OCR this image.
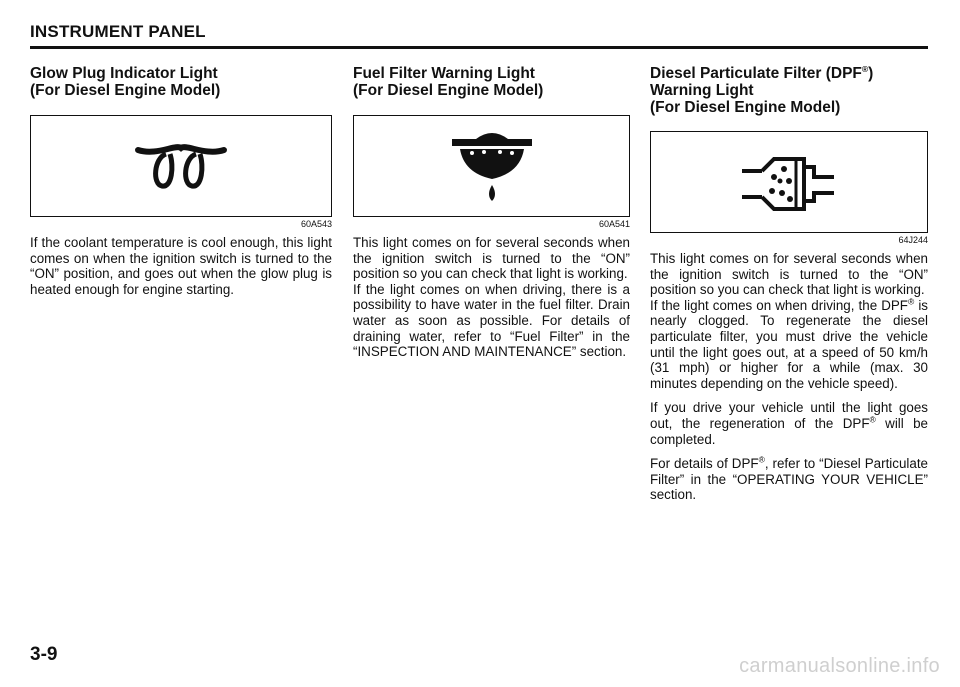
INSTRUMENT PANEL
Glow Plug Indicator Light
(For Diesel Engine Model)
60A543

If the coolant temperature is cool enough, this light comes on when the ignition switch is turned to the “ON” position, and goes out when the glow plug is heated enough for engine starting.

Fuel Filter Warning Light
(For Diesel Engine Model)
60A541

This light comes on for several seconds when the ignition switch is turned to the “ON” position so you can check that light is working.

If the light comes on when driving, there is a possibility to have water in the fuel filter. Drain water as soon as possible. For details of draining water, refer to “Fuel Filter” in the “INSPECTION AND MAINTENANCE” section.

Diesel Particulate Filter (DPF®)
Warning Light
(For Diesel Engine Model)
64J244

This light comes on for several seconds when the ignition switch is turned to the “ON” position so you can check that light is working.

If the light comes on when driving, the DPF® is nearly clogged. To regenerate the diesel particulate filter, you must drive the vehicle until the light goes out, at a speed of 50 km/h (31 mph) or higher for a while (max. 30 minutes depending on the vehicle speed).

If you drive your vehicle until the light goes out, the regeneration of the DPF® will be completed.

For details of DPF®, refer to “Diesel Particulate Filter” in the “OPERATING YOUR VEHICLE” section.

3-9
carmanualsonline.info
